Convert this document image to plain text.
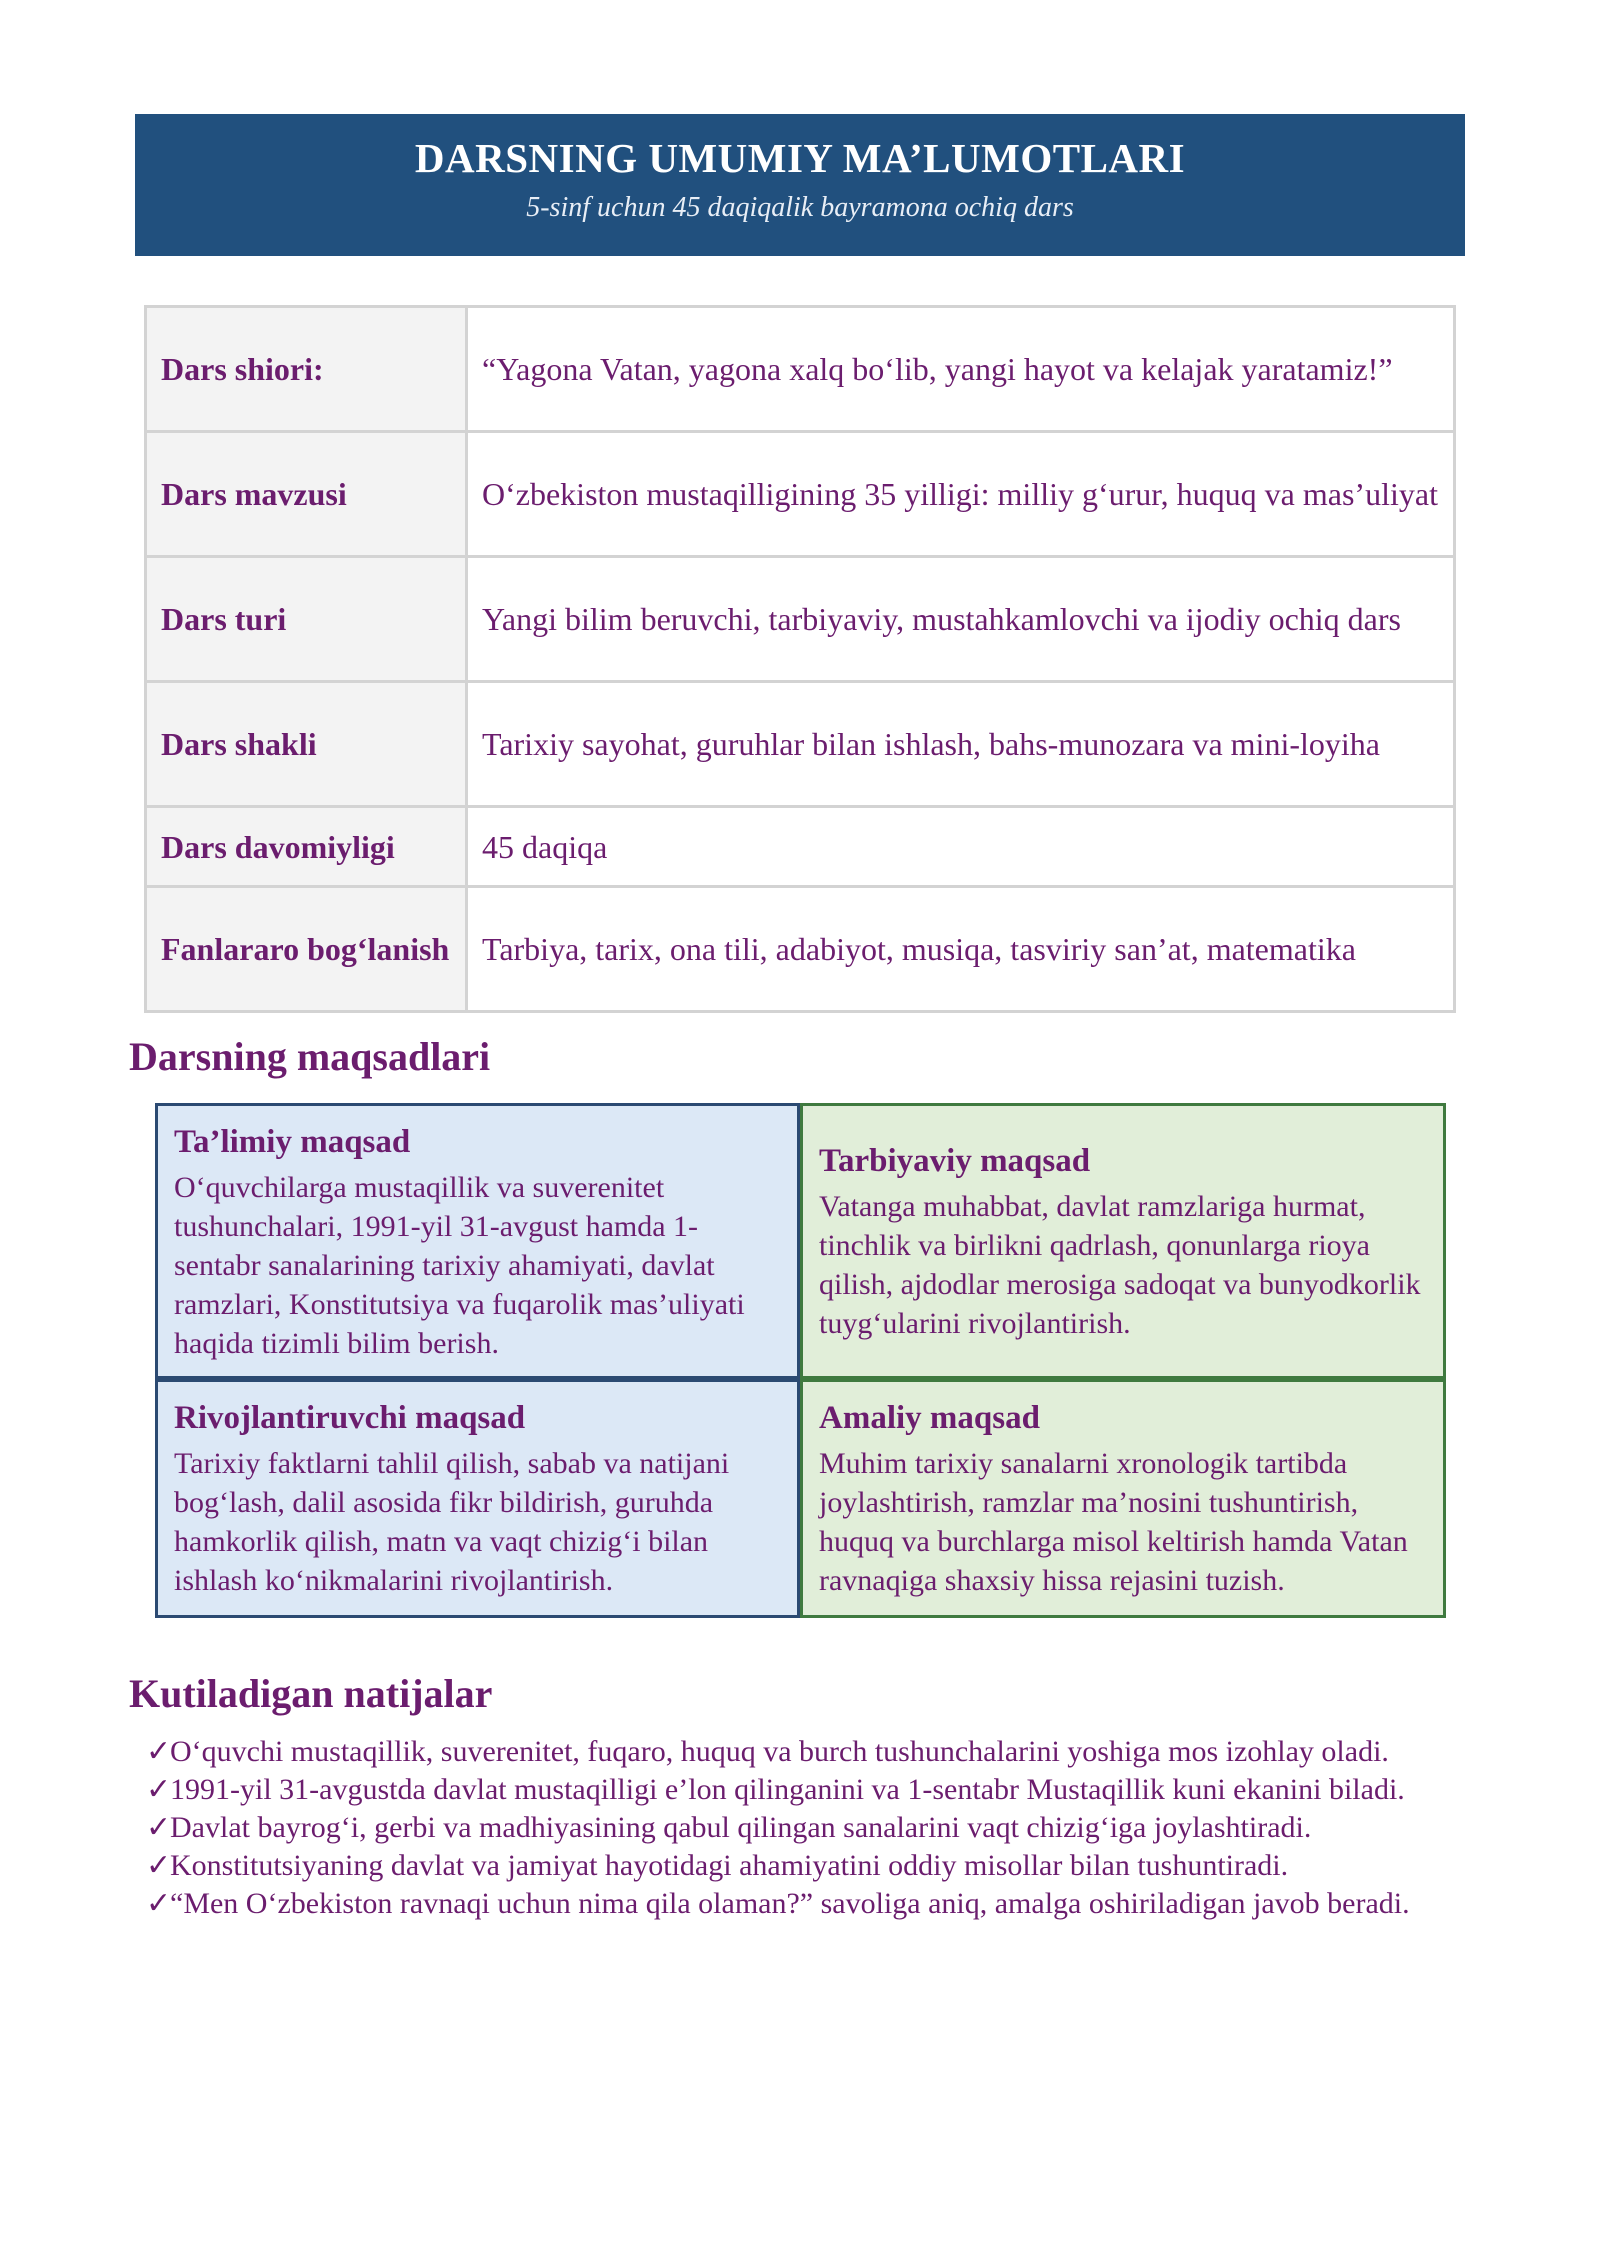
DARSNING UMUMIY MA’LUMOTLARI
5-sinf uchun 45 daqiqalik bayramona ochiq dars
Dars shiori:	“Yagona Vatan, yagona xalq bo‘lib, yangi hayot va kelajak yaratamiz!”
Dars mavzusi	O‘zbekiston mustaqilligining 35 yilligi: milliy g‘urur, huquq va mas’uliyat
Dars turi	Yangi bilim beruvchi, tarbiyaviy, mustahkamlovchi va ijodiy ochiq dars
Dars shakli	Tarixiy sayohat, guruhlar bilan ishlash, bahs-munozara va mini-loyiha
Dars davomiyligi	45 daqiqa
Fanlararo bog‘lanish	Tarbiya, tarix, ona tili, adabiyot, musiqa, tasviriy san’at, matematika
Darsning maqsadlari
Ta’limiy maqsad
O‘quvchilarga mustaqillik va suverenitet tushunchalari, 1991-yil 31-avgust hamda 1-sentabr sanalarining tarixiy ahamiyati, davlat ramzlari, Konstitutsiya va fuqarolik mas’uliyati haqida tizimli bilim berish.
Tarbiyaviy maqsad
Vatanga muhabbat, davlat ramzlariga hurmat, tinchlik va birlikni qadrlash, qonunlarga rioya qilish, ajdodlar merosiga sadoqat va bunyodkorlik tuyg‘ularini rivojlantirish.
Rivojlantiruvchi maqsad
Tarixiy faktlarni tahlil qilish, sabab va natijani bog‘lash, dalil asosida fikr bildirish, guruhda hamkorlik qilish, matn va vaqt chizig‘i bilan ishlash ko‘nikmalarini rivojlantirish.
Amaliy maqsad
Muhim tarixiy sanalarni xronologik tartibda joylashtirish, ramzlar ma’nosini tushuntirish, huquq va burchlarga misol keltirish hamda Vatan ravnaqiga shaxsiy hissa rejasini tuzish.
Kutiladigan natijalar
✓
O‘quvchi mustaqillik, suverenitet, fuqaro, huquq va burch tushunchalarini yoshiga mos izohlay oladi.
✓
1991-yil 31-avgustda davlat mustaqilligi e’lon qilinganini va 1-sentabr Mustaqillik kuni ekanini biladi.
✓
Davlat bayrog‘i, gerbi va madhiyasining qabul qilingan sanalarini vaqt chizig‘iga joylashtiradi.
✓
Konstitutsiyaning davlat va jamiyat hayotidagi ahamiyatini oddiy misollar bilan tushuntiradi.
✓
“Men O‘zbekiston ravnaqi uchun nima qila olaman?” savoliga aniq, amalga oshiriladigan javob beradi.
